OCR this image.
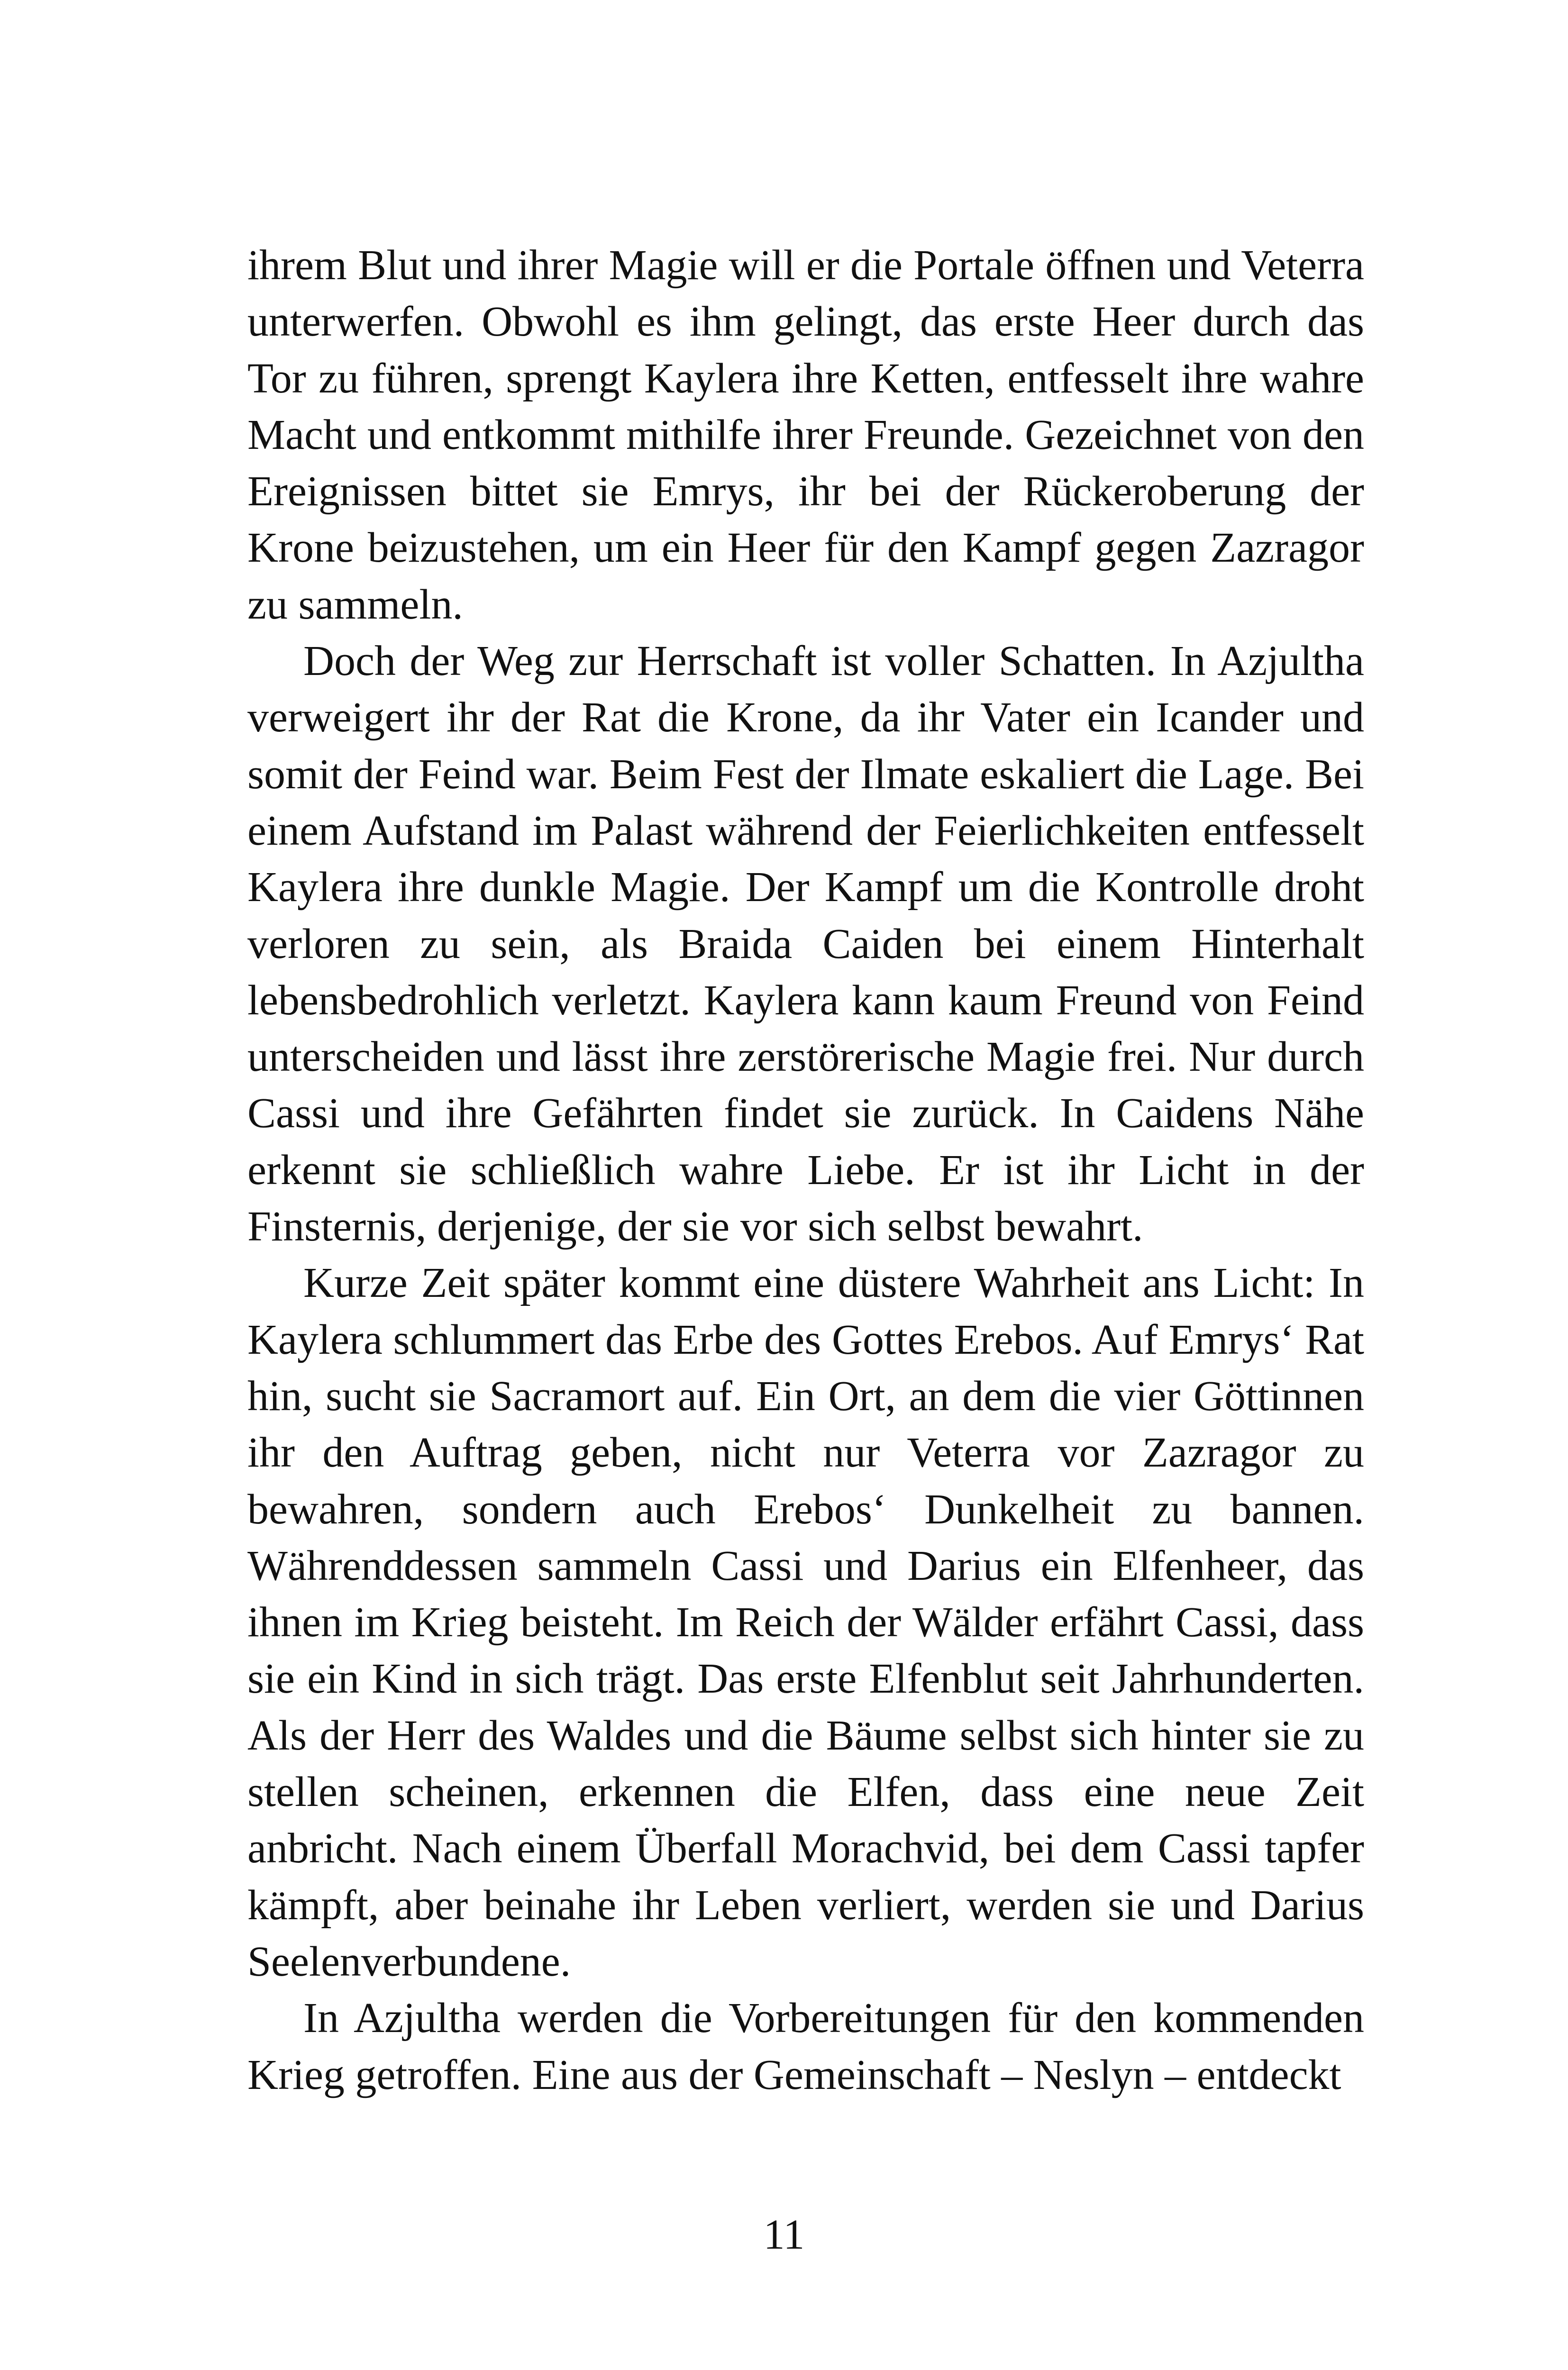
ihrem Blut und ihrer Magie will er die Portale öffnen und Veterra unterwerfen. Obwohl es ihm gelingt, das erste Heer durch das Tor zu führen, sprengt Kaylera ihre Ketten, entfesselt ihre wahre Macht und entkommt mithilfe ihrer Freunde. Gezeichnet von den Ereignissen bittet sie Emrys, ihr bei der Rückeroberung der Krone beizustehen, um ein Heer für den Kampf gegen Zazragor zu sammeln.

Doch der Weg zur Herrschaft ist voller Schatten. In Azjultha verweigert ihr der Rat die Krone, da ihr Vater ein Icander und somit der Feind war. Beim Fest der Ilmate eskaliert die Lage. Bei einem Aufstand im Palast während der Feierlichkeiten entfesselt Kaylera ihre dunkle Magie. Der Kampf um die Kontrolle droht verloren zu sein, als Braida Caiden bei einem Hinterhalt lebensbedrohlich verletzt. Kaylera kann kaum Freund von Feind unterscheiden und lässt ihre zerstörerische Magie frei. Nur durch Cassi und ihre Gefährten findet sie zurück. In Caidens Nähe erkennt sie schließlich wahre Liebe. Er ist ihr Licht in der Finsternis, derjenige, der sie vor sich selbst bewahrt.

Kurze Zeit später kommt eine düstere Wahrheit ans Licht: In Kaylera schlummert das Erbe des Gottes Erebos. Auf Emrys‘ Rat hin, sucht sie Sacramort auf. Ein Ort, an dem die vier Göttinnen ihr den Auftrag geben, nicht nur Veterra vor Zazragor zu bewahren, sondern auch Erebos‘ Dunkelheit zu bannen. Währenddessen sammeln Cassi und Darius ein Elfenheer, das ihnen im Krieg beisteht. Im Reich der Wälder erfährt Cassi, dass sie ein Kind in sich trägt. Das erste Elfenblut seit Jahrhunderten. Als der Herr des Waldes und die Bäume selbst sich hinter sie zu stellen scheinen, erkennen die Elfen, dass eine neue Zeit anbricht. Nach einem Überfall Morachvid, bei dem Cassi tapfer kämpft, aber beinahe ihr Leben verliert, werden sie und Darius Seelenverbundene.

In Azjultha werden die Vorbereitungen für den kommenden Krieg getroffen. Eine aus der Gemeinschaft – Neslyn – entdeckt

11
